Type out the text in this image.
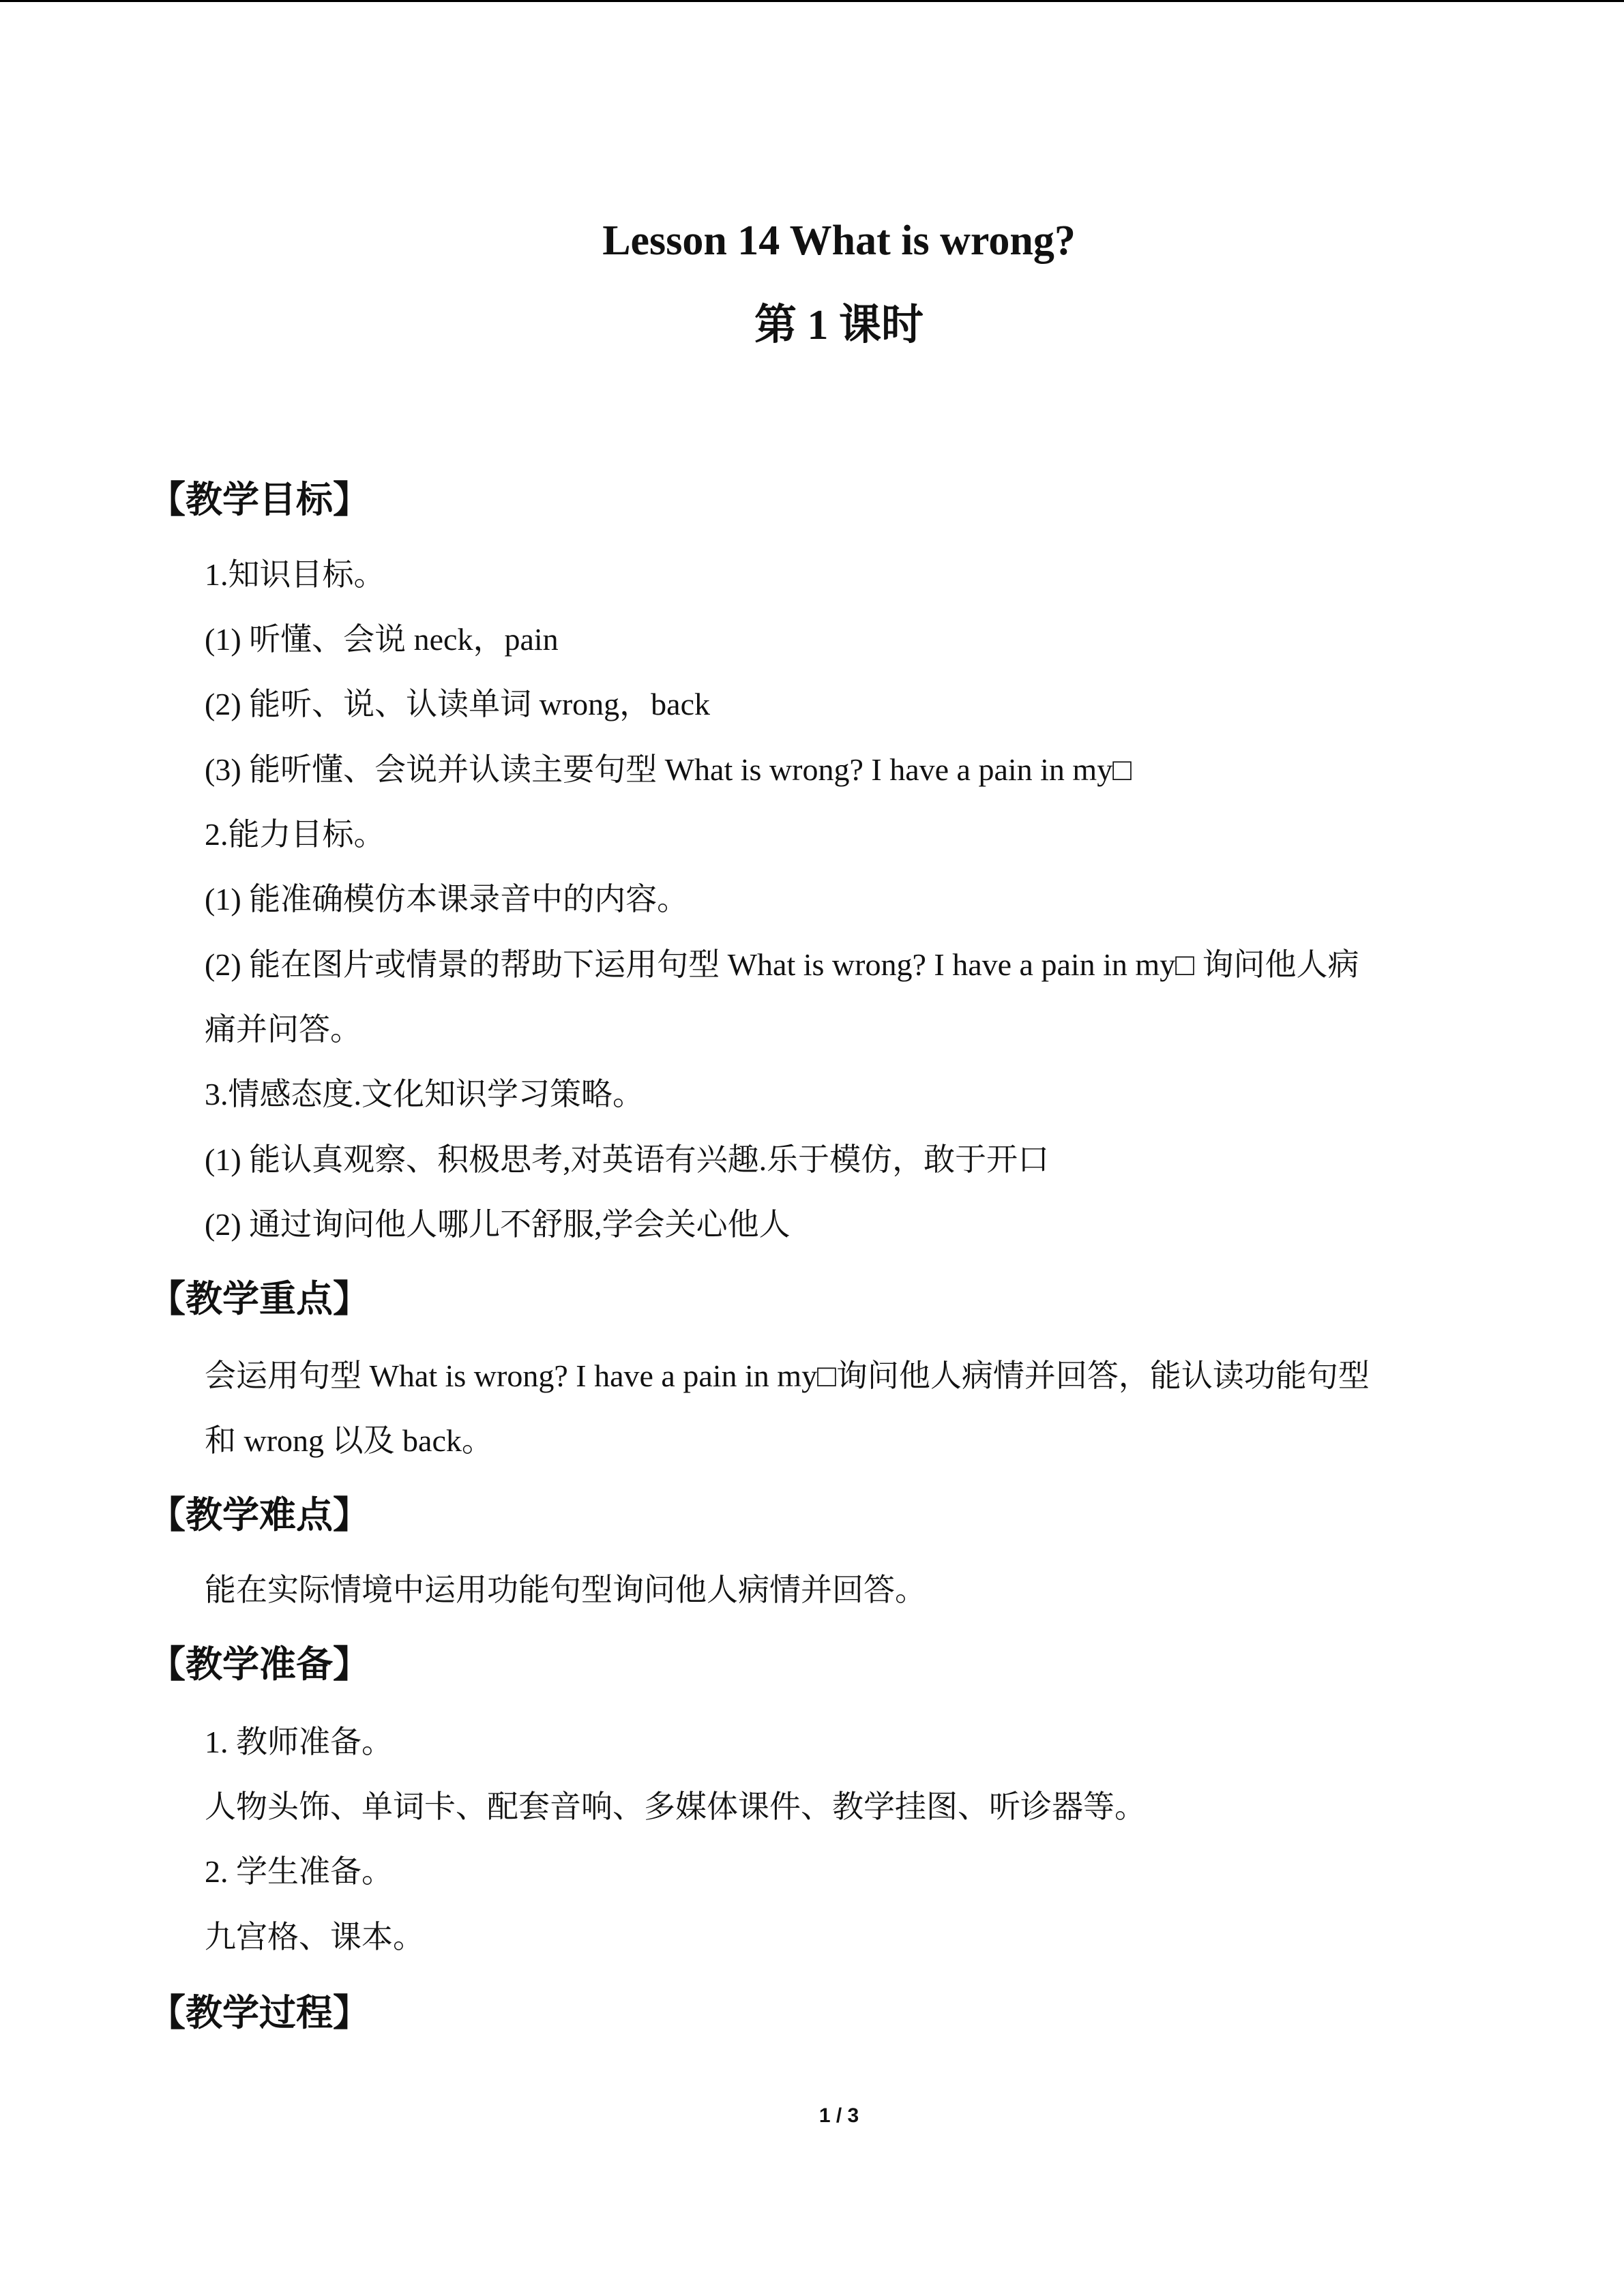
Lesson 14 What is wrong?
第 1 课时
【教学目标】
1.知识目标。
(1) 听懂、会说 neck，pain
(2) 能听、说、认读单词 wrong，back
(3) 能听懂、会说并认读主要句型 What is wrong? I have a pain in my□
2.能力目标。
(1) 能准确模仿本课录音中的内容。
(2) 能在图片或情景的帮助下运用句型 What is wrong? I have a pain in my□ 询问他人病
痛并问答。
3.情感态度.文化知识学习策略。
(1) 能认真观察、积极思考,对英语有兴趣.乐于模仿，敢于开口
(2) 通过询问他人哪儿不舒服,学会关心他人
【教学重点】
会运用句型 What is wrong? I have a pain in my□询问他人病情并回答，能认读功能句型
和 wrong 以及 back。
【教学难点】
能在实际情境中运用功能句型询问他人病情并回答。
【教学准备】
1. 教师准备。
人物头饰、单词卡、配套音响、多媒体课件、教学挂图、听诊器等。
2. 学生准备。
九宫格、课本。
【教学过程】
1 / 3
